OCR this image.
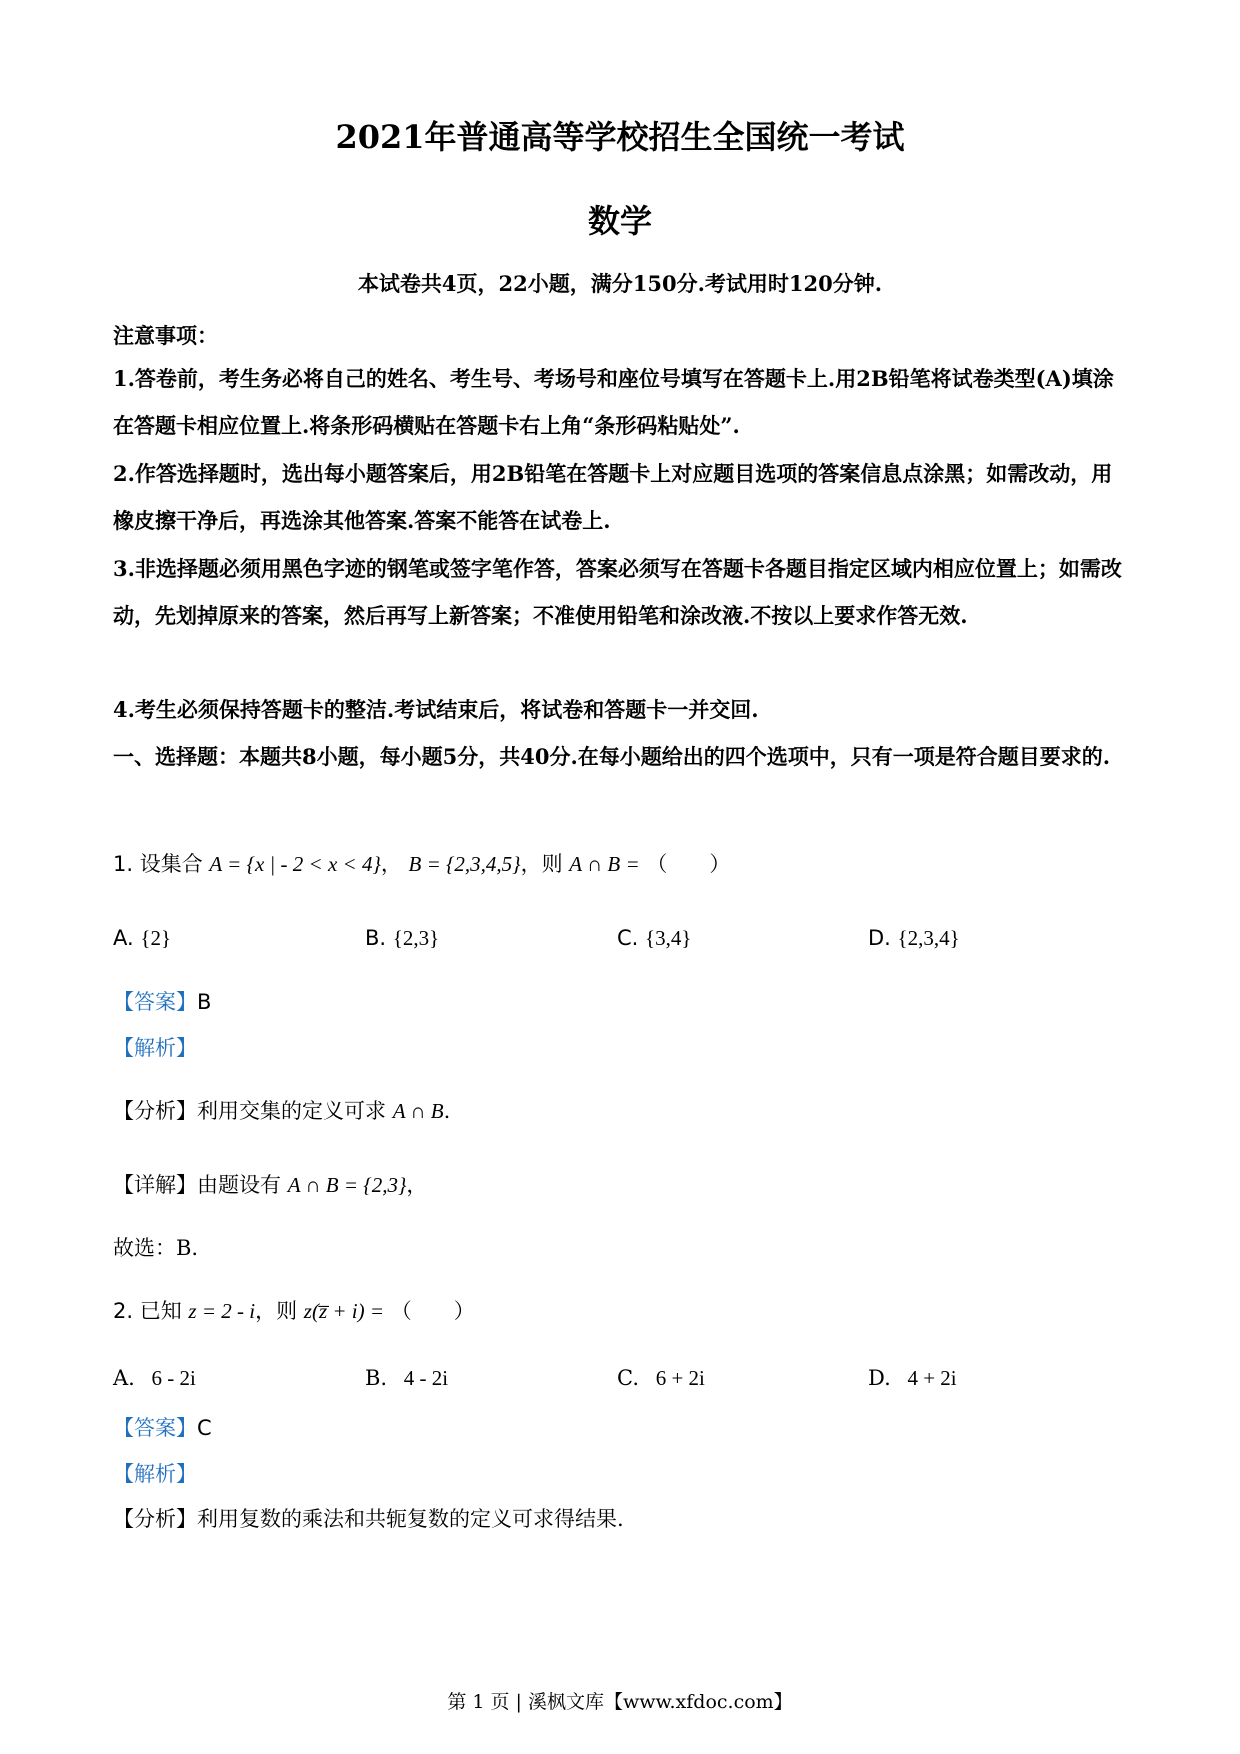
2021年普通高等学校招生全国统一考试
数学
本试卷共4页，22小题，满分150分.考试用时120分钟.
注意事项：
1.答卷前，考生务必将自己的姓名、考生号、考场号和座位号填写在答题卡上.用2B铅笔将试卷类型(A)填涂在答题卡相应位置上.将条形码横贴在答题卡右上角“条形码粘贴处”.
2.作答选择题时，选出每小题答案后，用2B铅笔在答题卡上对应题目选项的答案信息点涂黑；如需改动，用橡皮擦干净后，再选涂其他答案.答案不能答在试卷上.
3.非选择题必须用黑色字迹的钢笔或签字笔作答，答案必须写在答题卡各题目指定区域内相应位置上；如需改动，先划掉原来的答案，然后再写上新答案；不准使用铅笔和涂改液.不按以上要求作答无效.
4.考生必须保持答题卡的整洁.考试结束后，将试卷和答题卡一并交回.
一、选择题：本题共8小题，每小题5分，共40分.在每小题给出的四个选项中，只有一项是符合题目要求的.
1. 设集合 A = {x | - 2 < x < 4}， B = {2,3,4,5}，则 A ∩ B = （　　）
A. {2}	B. {2,3}	C. {3,4}	D. {2,3,4}
【答案】B
【解析】
【分析】利用交集的定义可求 A ∩ B.
【详解】由题设有 A ∩ B = {2,3}，
故选：B.
2. 已知 z = 2 - i，则 z(z̅ + i) = （　　）
A. 6 - 2i	B. 4 - 2i	C. 6 + 2i	D. 4 + 2i
【答案】C
【解析】
【分析】利用复数的乘法和共轭复数的定义可求得结果.
第 1 页 | 溪枫文库【www.xfdoc.com】
